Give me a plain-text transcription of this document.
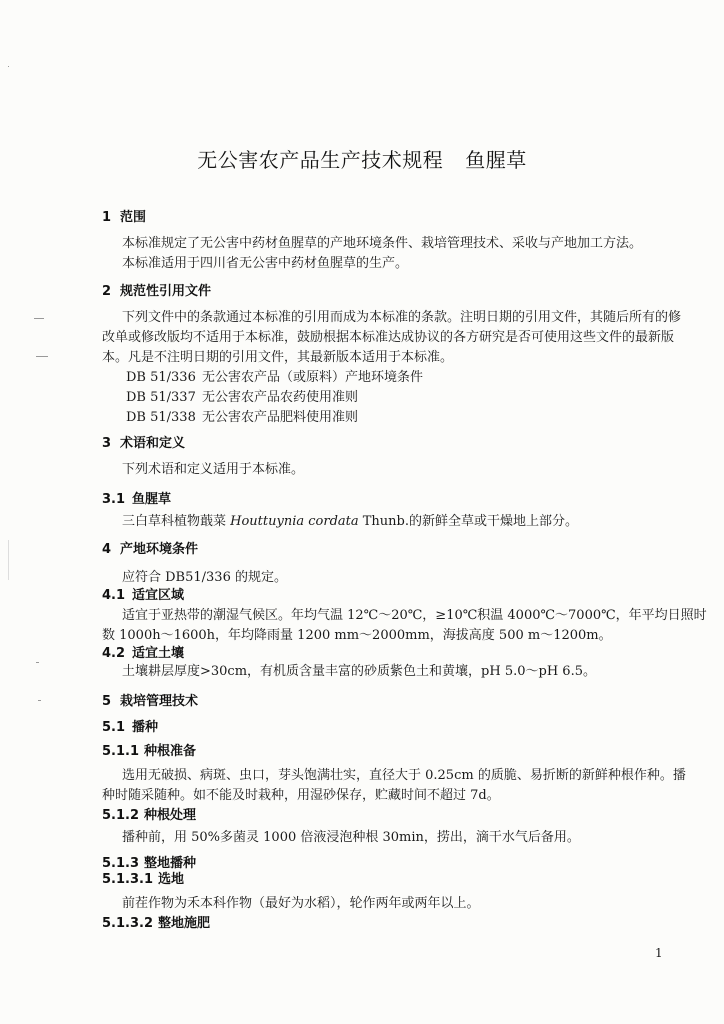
无公害农产品生产技术规程 鱼腥草
1 范围
本标准规定了无公害中药材鱼腥草的产地环境条件、栽培管理技术、采收与产地加工方法。
本标准适用于四川省无公害中药材鱼腥草的生产。
2 规范性引用文件
下列文件中的条款通过本标准的引用而成为本标准的条款。注明日期的引用文件，其随后所有的修
改单或修改版均不适用于本标准，鼓励根据本标准达成协议的各方研究是否可使用这些文件的最新版
本。凡是不注明日期的引用文件，其最新版本适用于本标准。
DB 51/336 无公害农产品（或原料）产地环境条件
DB 51/337 无公害农产品农药使用准则
DB 51/338 无公害农产品肥料使用准则
3 术语和定义
下列术语和定义适用于本标准。
3.1 鱼腥草
三白草科植物蕺菜 Houttuynia cordata Thunb.的新鲜全草或干燥地上部分。
4 产地环境条件
应符合 DB51/336 的规定。
4.1 适宜区域
适宜于亚热带的潮湿气候区。年均气温 12℃～20℃，≥10℃积温 4000℃～7000℃，年平均日照时
数 1000h～1600h，年均降雨量 1200 mm～2000mm，海拔高度 500 m～1200m。
4.2 适宜土壤
土壤耕层厚度>30cm，有机质含量丰富的砂质紫色土和黄壤，pH 5.0～pH 6.5。
5 栽培管理技术
5.1 播种
5.1.1 种根准备
选用无破损、病斑、虫口，芽头饱满壮实，直径大于 0.25cm 的质脆、易折断的新鲜种根作种。播
种时随采随种。如不能及时栽种，用湿砂保存，贮藏时间不超过 7d。
5.1.2 种根处理
播种前，用 50%多菌灵 1000 倍液浸泡种根 30min，捞出，滴干水气后备用。
5.1.3 整地播种
5.1.3.1 选地
前茬作物为禾本科作物（最好为水稻），轮作两年或两年以上。
5.1.3.2 整地施肥
1
